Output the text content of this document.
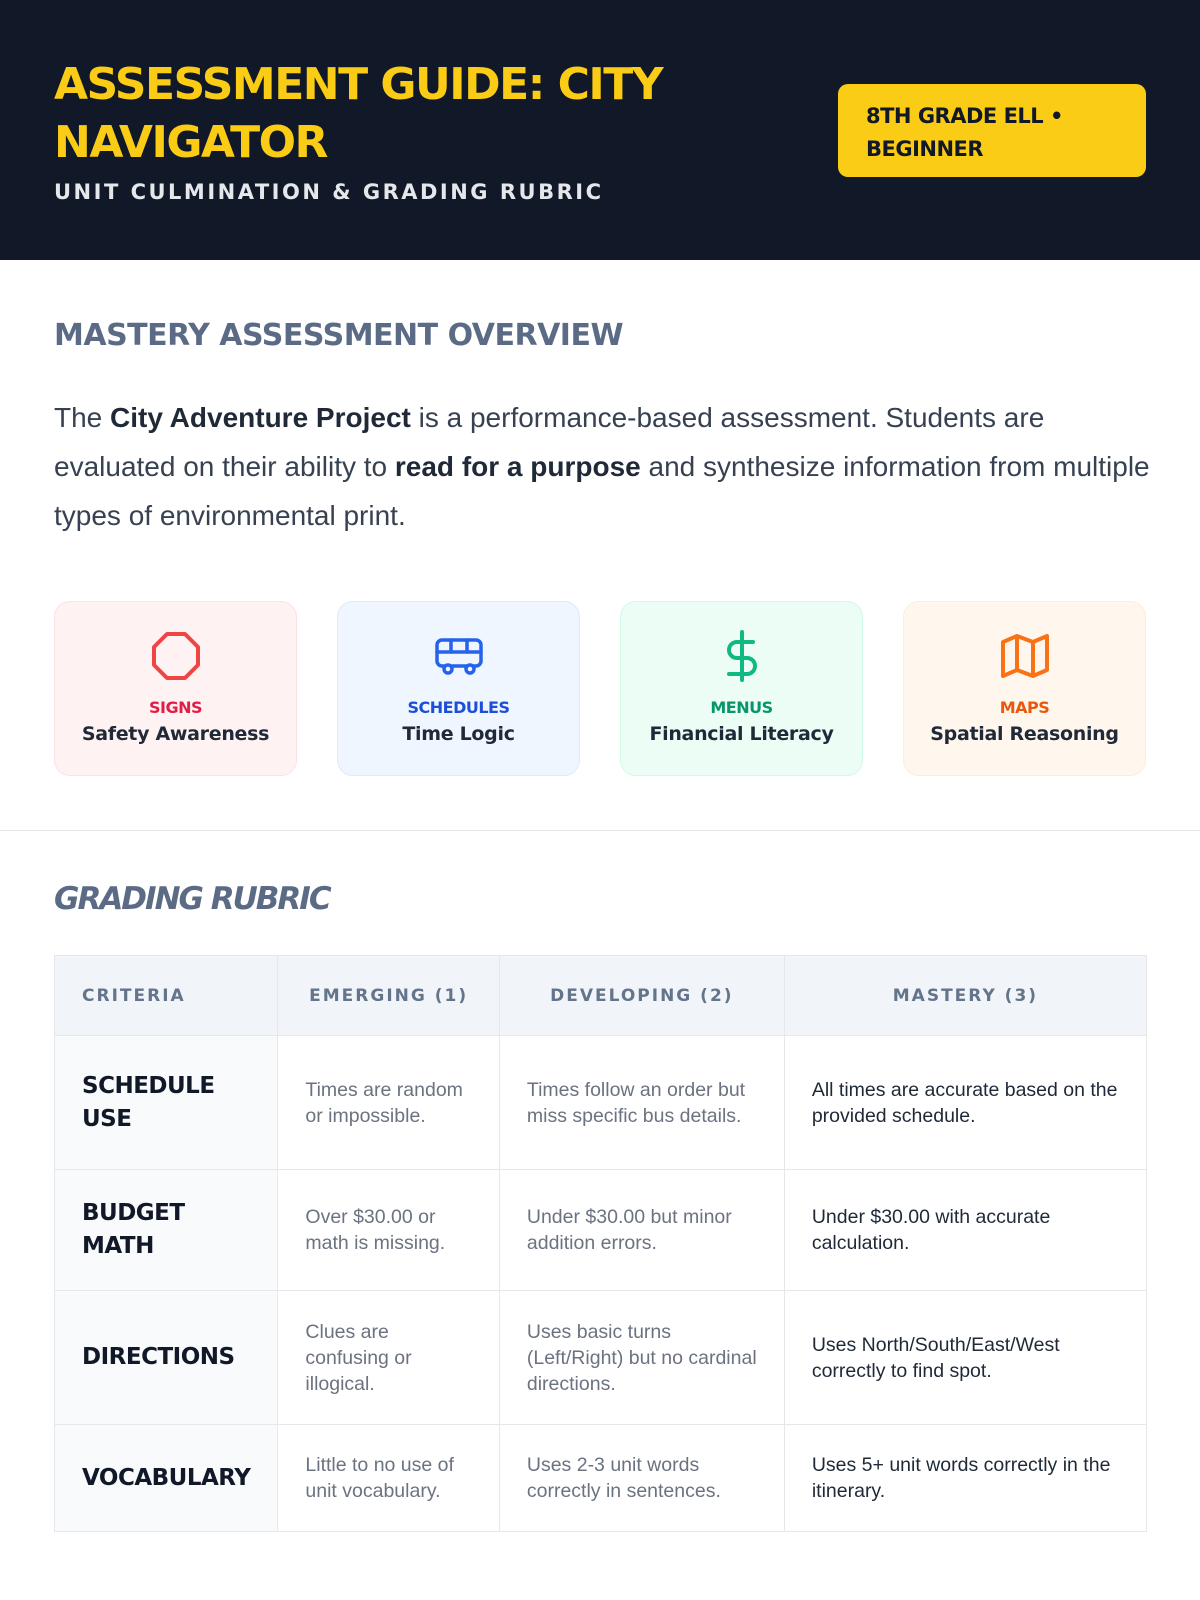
ASSESSMENT GUIDE: CITY NAVIGATOR
UNIT CULMINATION & GRADING RUBRIC
8TH GRADE ELL • BEGINNER
MASTERY ASSESSMENT OVERVIEW

The City Adventure Project is a performance-based assessment. Students are evaluated on their ability to read for a purpose and synthesize information from multiple types of environmental print.

SIGNS
Safety Awareness
SCHEDULES
Time Logic
MENUS
Financial Literacy
MAPS
Spatial Reasoning
GRADING RUBRIC
CRITERIA	EMERGING (1)	DEVELOPING (2)	MASTERY (3)
SCHEDULE USE	Times are random or impossible.	Times follow an order but miss specific bus details.	All times are accurate based on the provided schedule.
BUDGET MATH	Over $30.00 or math is missing.	Under $30.00 but minor addition errors.	Under $30.00 with accurate calculation.
DIRECTIONS	Clues are confusing or illogical.	Uses basic turns (Left/Right) but no cardinal directions.	Uses North/South/East/West correctly to find spot.
VOCABULARY	Little to no use of unit vocabulary.	Uses 2-3 unit words correctly in sentences.	Uses 5+ unit words correctly in the itinerary.
